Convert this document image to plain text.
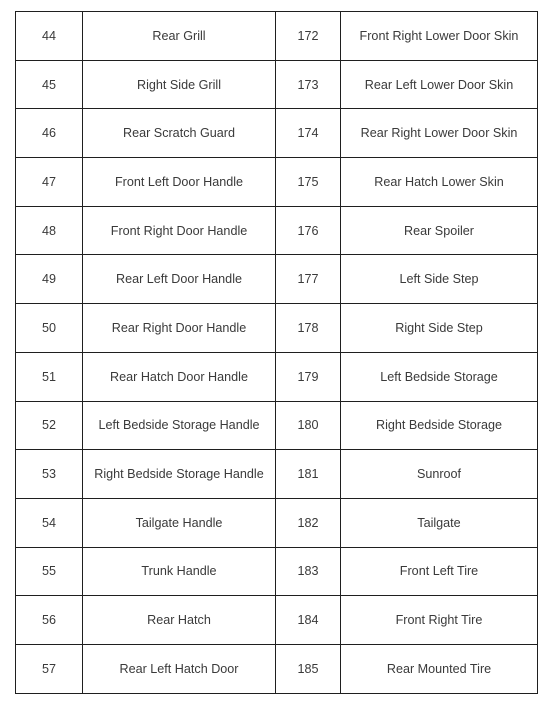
44	Rear Grill	172	Front Right Lower Door Skin
45	Right Side Grill	173	Rear Left Lower Door Skin
46	Rear Scratch Guard	174	Rear Right Lower Door Skin
47	Front Left Door Handle	175	Rear Hatch Lower Skin
48	Front Right Door Handle	176	Rear Spoiler
49	Rear Left Door Handle	177	Left Side Step
50	Rear Right Door Handle	178	Right Side Step
51	Rear Hatch Door Handle	179	Left Bedside Storage
52	Left Bedside Storage Handle	180	Right Bedside Storage
53	Right Bedside Storage Handle	181	Sunroof
54	Tailgate Handle	182	Tailgate
55	Trunk Handle	183	Front Left Tire
56	Rear Hatch	184	Front Right Tire
57	Rear Left Hatch Door	185	Rear Mounted Tire
